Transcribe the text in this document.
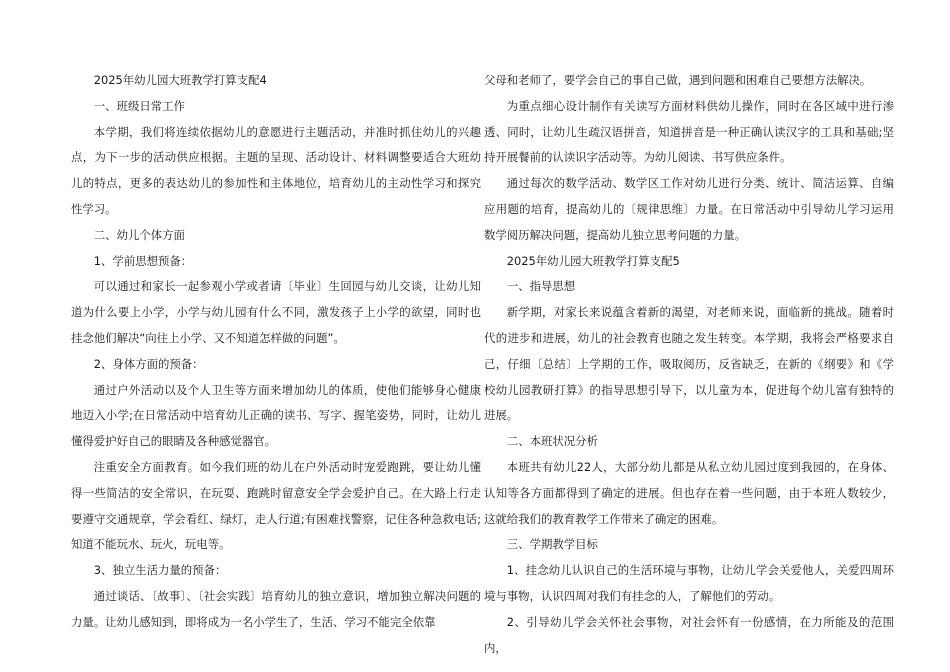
2025年幼儿园大班教学打算支配4

一、班级日常工作

本学期，我们将连续依据幼儿的意愿进行主题活动，并准时抓住幼儿的兴趣点，为下一步的活动供应根据。主题的呈现、活动设计、材料调整要适合大班幼儿的特点，更多的表达幼儿的参加性和主体地位，培育幼儿的主动性学习和探究性学习。

二、幼儿个体方面

1、学前思想预备：

可以通过和家长一起参观小学或者请〔毕业〕生回园与幼儿交谈，让幼儿知道为什么要上小学，小学与幼儿园有什么不同，激发孩子上小学的欲望，同时也挂念他们解决“向往上小学、又不知道怎样做的问题”。

2、身体方面的预备：

通过户外活动以及个人卫生等方面来增加幼儿的体质，使他们能够身心健康地迈入小学;在日常活动中培育幼儿正确的读书、写字、握笔姿势，同时，让幼儿懂得爱护好自己的眼睛及各种感觉器官。

注重安全方面教育。如今我们班的幼儿在户外活动时宠爱跑跳，要让幼儿懂得一些简洁的安全常识，在玩耍、跑跳时留意安全学会爱护自己。在大路上行走要遵守交通规章，学会看红、绿灯，走人行道;有困难找警察，记住各种急救电话;知道不能玩水、玩火，玩电等。

3、独立生活力量的预备：

通过谈话、〔故事〕、〔社会实践〕培育幼儿的独立意识，增加独立解决问题的力量。让幼儿感知到，即将成为一名小学生了，生活、学习不能完全依靠

父母和老师了，要学会自己的事自己做，遇到问题和困难自己要想方法解决。

为重点细心设计制作有关读写方面材料供幼儿操作，同时在各区域中进行渗透、同时，让幼儿生疏汉语拼音，知道拼音是一种正确认读汉字的工具和基础;坚持开展餐前的认读识字活动等。为幼儿阅读、书写供应条件。

通过每次的数学活动、数学区工作对幼儿进行分类、统计、简洁运算、自编应用题的培育，提高幼儿的〔规律思维〕力量。在日常活动中引导幼儿学习运用数学阅历解决问题，提高幼儿独立思考问题的力量。

2025年幼儿园大班教学打算支配5

一、指导思想

新学期，对家长来说蕴含着新的渴望，对老师来说，面临新的挑战。随着时代的进步和进展，幼儿的社会教育也随之发生转变。本学期，我将会严格要求自己，仔细〔总结〕上学期的工作，吸取阅历，反省缺乏，在新的《纲要》和《学校幼儿园教研打算》的指导思想引导下，以儿童为本，促进每个幼儿富有独特的进展。

二、本班状况分析

本班共有幼儿22人，大部分幼儿都是从私立幼儿园过度到我园的，在身体、认知等各方面都得到了确定的进展。但也存在着一些问题，由于本班人数较少，这就给我们的教育教学工作带来了确定的困难。

三、学期教学目标

1、挂念幼儿认识自己的生活环境与事物，让幼儿学会关爱他人，关爱四周环境与事物，认识四周对我们有挂念的人，了解他们的劳动。

2、引导幼儿学会关怀社会事物，对社会怀有一份感情，在力所能及的范围内，
